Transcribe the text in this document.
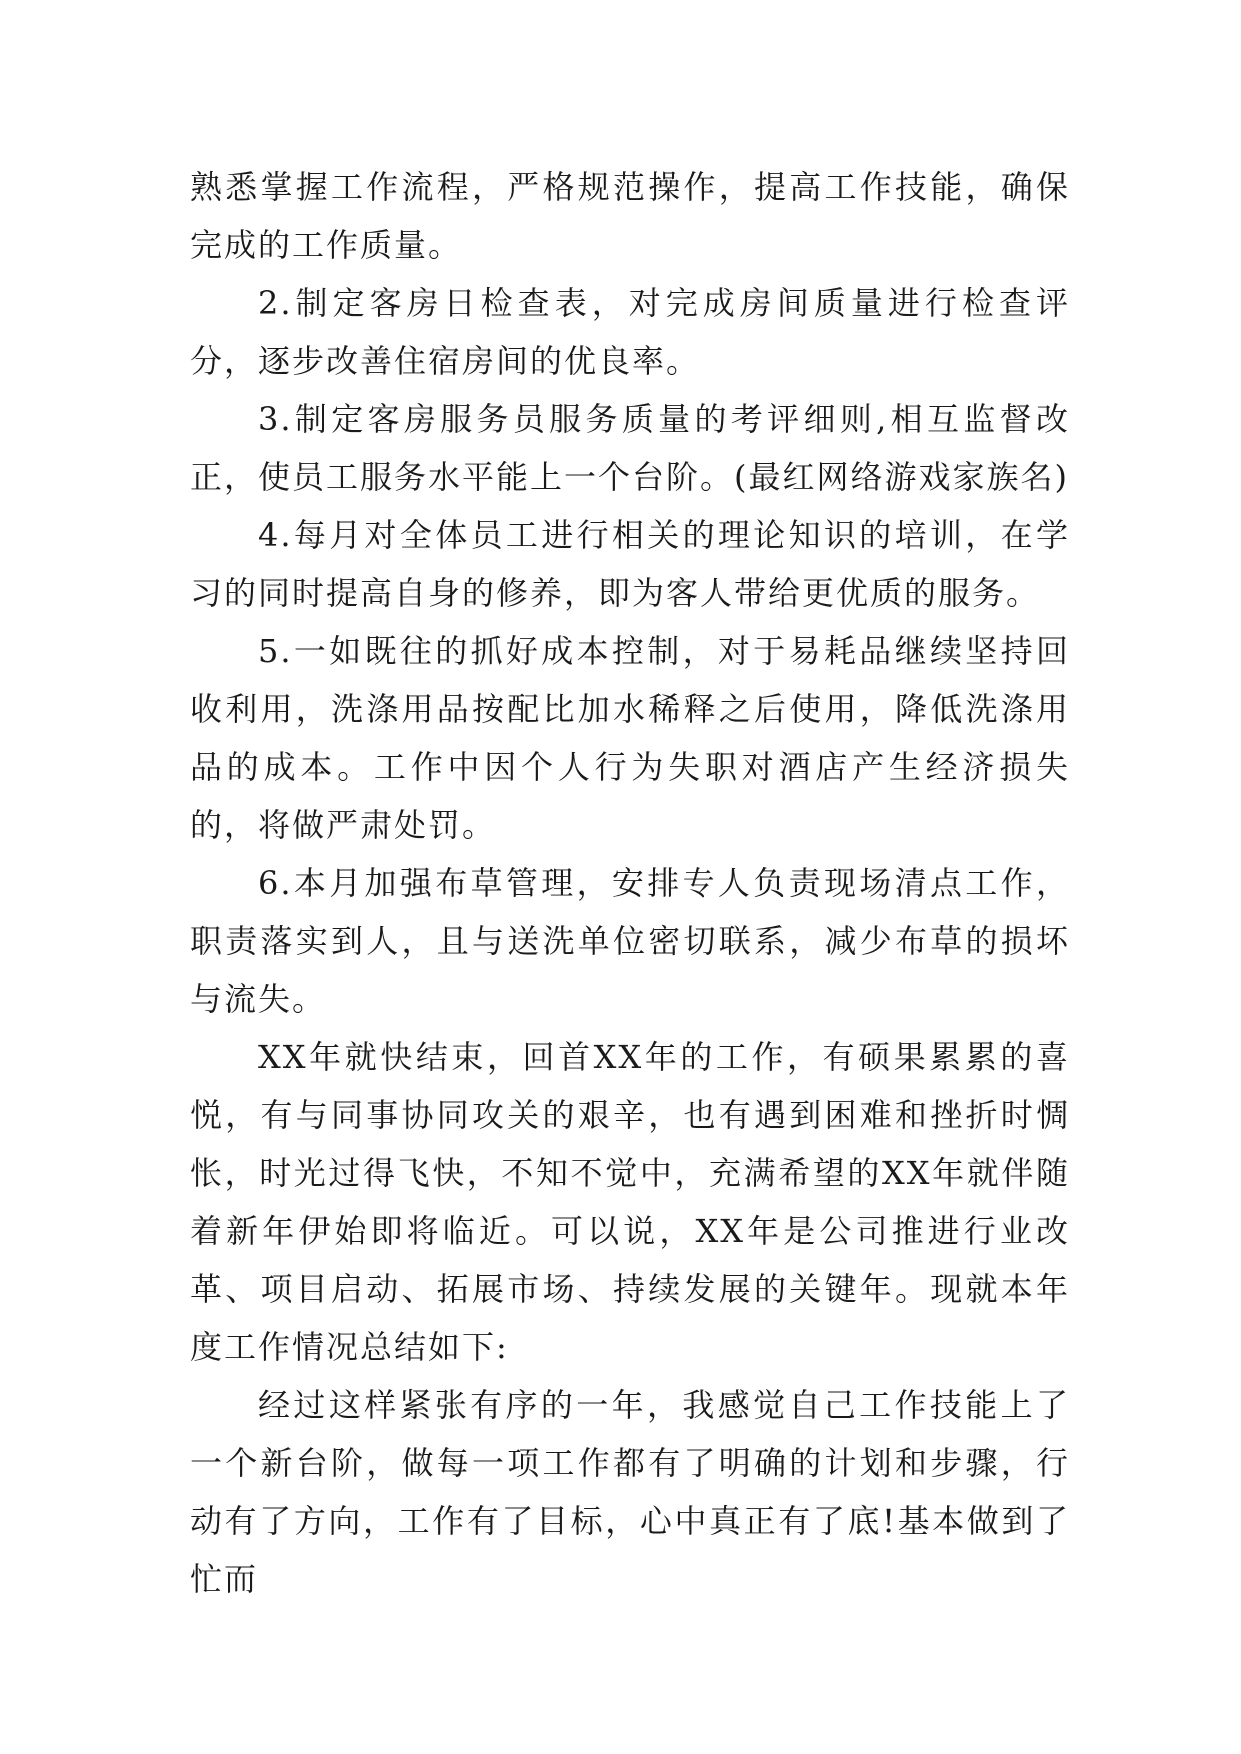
熟悉掌握工作流程，严格规范操作，提高工作技能，确保完成的工作质量。

2.制定客房日检查表，对完成房间质量进行检查评分，逐步改善住宿房间的优良率。

3.制定客房服务员服务质量的考评细则,相互监督改正，使员工服务水平能上一个台阶。(最红网络游戏家族名)

4.每月对全体员工进行相关的理论知识的培训，在学习的同时提高自身的修养，即为客人带给更优质的服务。

5.一如既往的抓好成本控制，对于易耗品继续坚持回收利用，洗涤用品按配比加水稀释之后使用，降低洗涤用品的成本。工作中因个人行为失职对酒店产生经济损失的，将做严肃处罚。

6.本月加强布草管理，安排专人负责现场清点工作，职责落实到人，且与送洗单位密切联系，减少布草的损坏与流失。

XX年就快结束，回首XX年的工作，有硕果累累的喜悦，有与同事协同攻关的艰辛，也有遇到困难和挫折时惆怅，时光过得飞快，不知不觉中，充满希望的XX年就伴随着新年伊始即将临近。可以说，XX年是公司推进行业改革、项目启动、拓展市场、持续发展的关键年。现就本年度工作情况总结如下:

经过这样紧张有序的一年，我感觉自己工作技能上了一个新台阶，做每一项工作都有了明确的计划和步骤，行动有了方向，工作有了目标，心中真正有了底!基本做到了忙而
